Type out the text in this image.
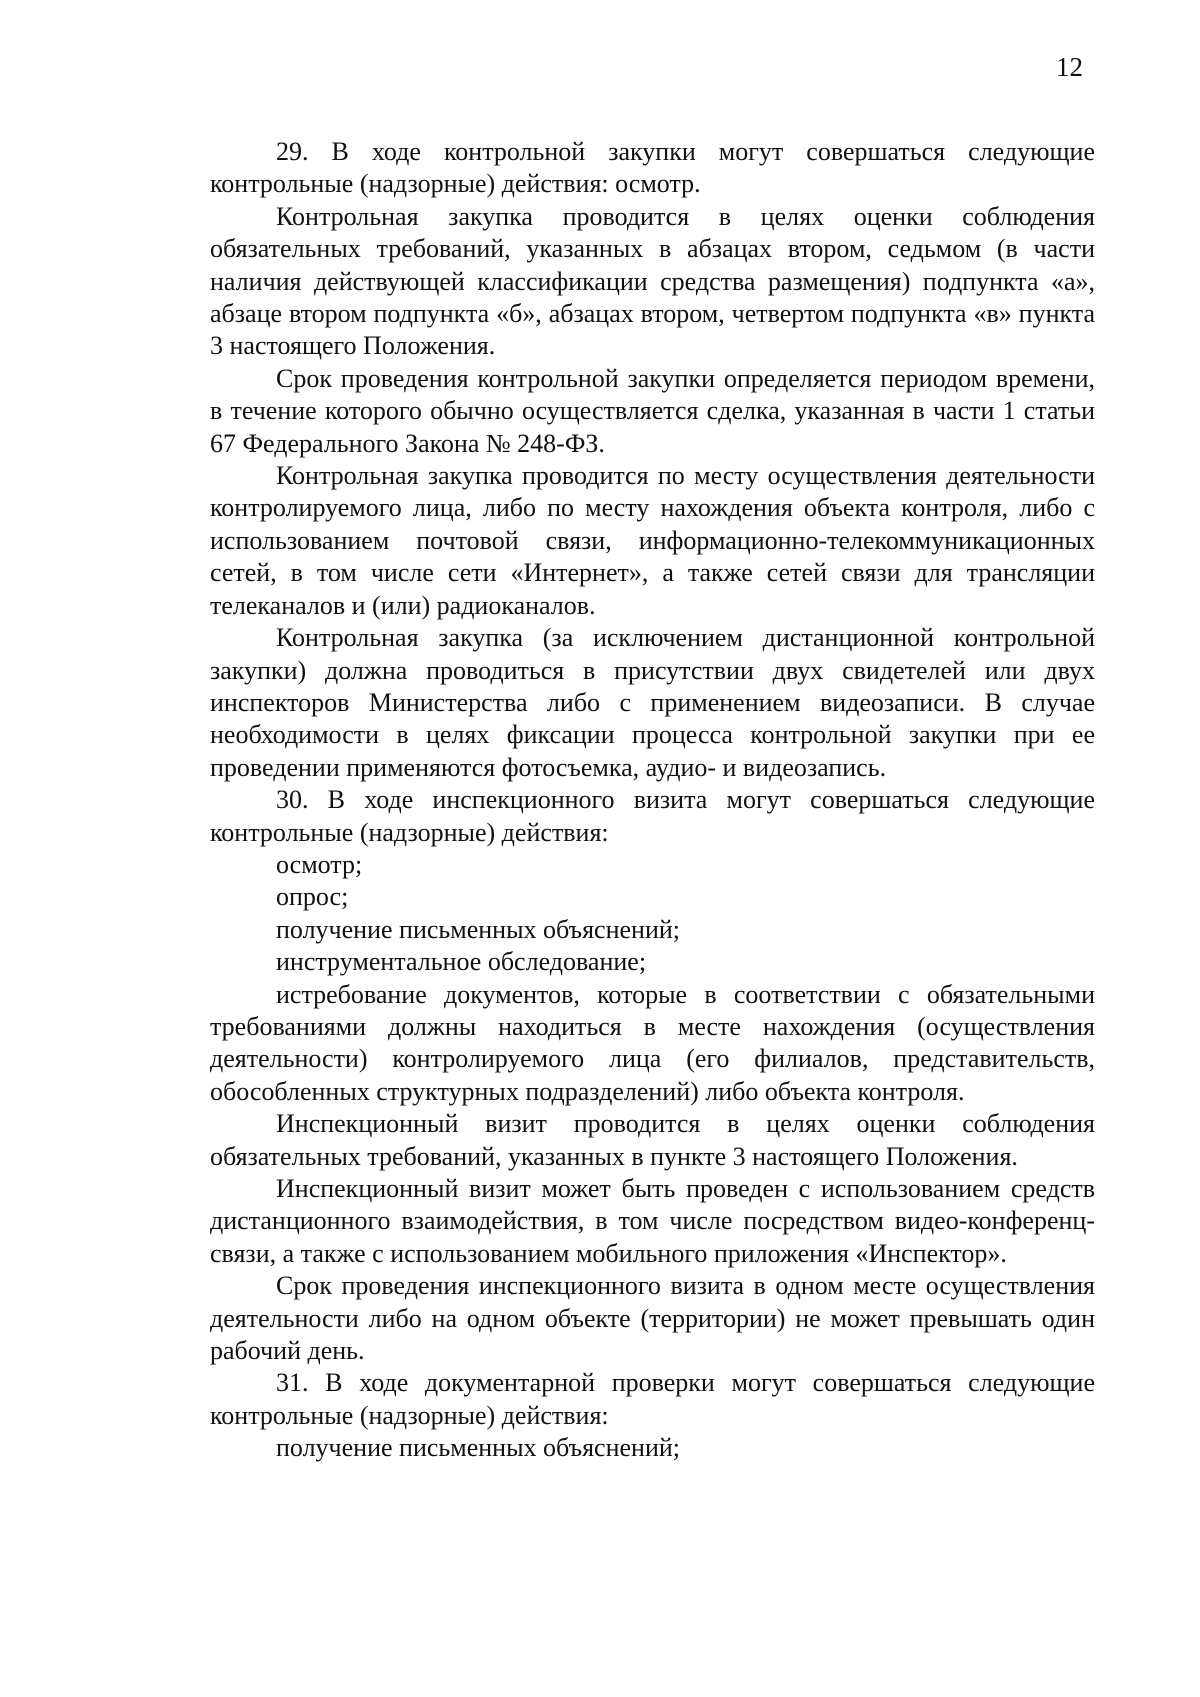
12

29. В ходе контрольной закупки могут совершаться следующие контрольные (надзорные) действия: осмотр.

Контрольная закупка проводится в целях оценки соблюдения обязательных требований, указанных в абзацах втором, седьмом (в части наличия действующей классификации средства размещения) подпункта «а», абзаце втором подпункта «б», абзацах втором, четвертом подпункта «в» пункта 3 настоящего Положения.

Срок проведения контрольной закупки определяется периодом времени, в течение которого обычно осуществляется сделка, указанная в части 1 статьи 67 Федерального Закона № 248-ФЗ.

Контрольная закупка проводится по месту осуществления деятельности контролируемого лица, либо по месту нахождения объекта контроля, либо с использованием почтовой связи, информационно-телекоммуникационных сетей, в том числе сети «Интернет», а также сетей связи для трансляции телеканалов и (или) радиоканалов.

Контрольная закупка (за исключением дистанционной контрольной закупки) должна проводиться в присутствии двух свидетелей или двух инспекторов Министерства либо с применением видеозаписи. В случае необходимости в целях фиксации процесса контрольной закупки при ее проведении применяются фотосъемка, аудио- и видеозапись.

30. В ходе инспекционного визита могут совершаться следующие контрольные (надзорные) действия:

осмотр;

опрос;

получение письменных объяснений;

инструментальное обследование;

истребование документов, которые в соответствии с обязательными требованиями должны находиться в месте нахождения (осуществления деятельности) контролируемого лица (его филиалов, представительств, обособленных структурных подразделений) либо объекта контроля.

Инспекционный визит проводится в целях оценки соблюдения обязательных требований, указанных в пункте 3 настоящего Положения.

Инспекционный визит может быть проведен с использованием средств дистанционного взаимодействия, в том числе посредством видео-конференц-связи, а также с использованием мобильного приложения «Инспектор».

Срок проведения инспекционного визита в одном месте осуществления деятельности либо на одном объекте (территории) не может превышать один рабочий день.

31. В ходе документарной проверки могут совершаться следующие контрольные (надзорные) действия:

получение письменных объяснений;
